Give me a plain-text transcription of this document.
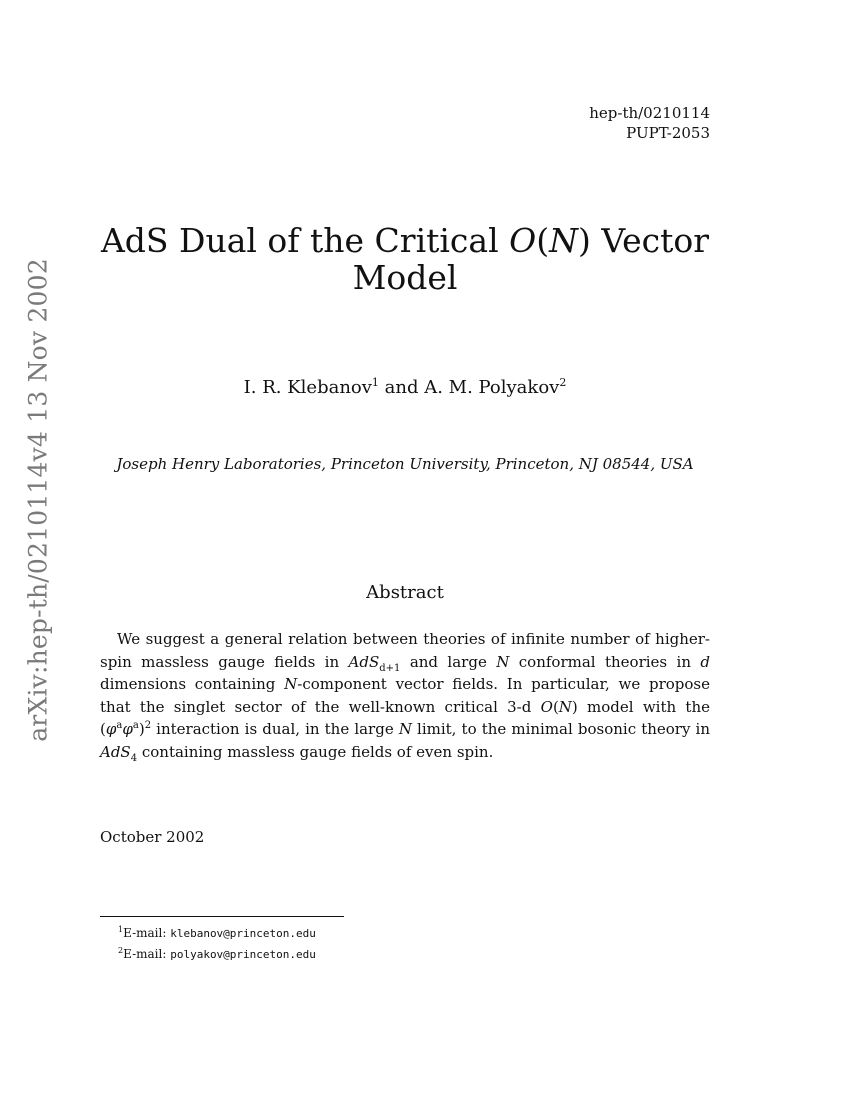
arXiv:hep-th/0210114v4 13 Nov 2002
hep-th/0210114
PUPT-2053
AdS Dual of the Critical O(N) Vector Model
I. R. Klebanov$^1$ and A. M. Polyakov$^2$
Joseph Henry Laboratories, Princeton University, Princeton, NJ 08544, USA
Abstract
We suggest a general relation between theories of infinite number of higher-spin massless gauge fields in AdS$_{d+1}$ and large N conformal theories in d dimensions containing N-component vector fields. In particular, we propose that the singlet sector of the well-known critical 3-d O(N) model with the $(\varphi^a\varphi^a)^2$ interaction is dual, in the large N limit, to the minimal bosonic theory in AdS$_4$ containing massless gauge fields of even spin.
October 2002
$^1$E-mail: klebanov@princeton.edu
$^2$E-mail: polyakov@princeton.edu
